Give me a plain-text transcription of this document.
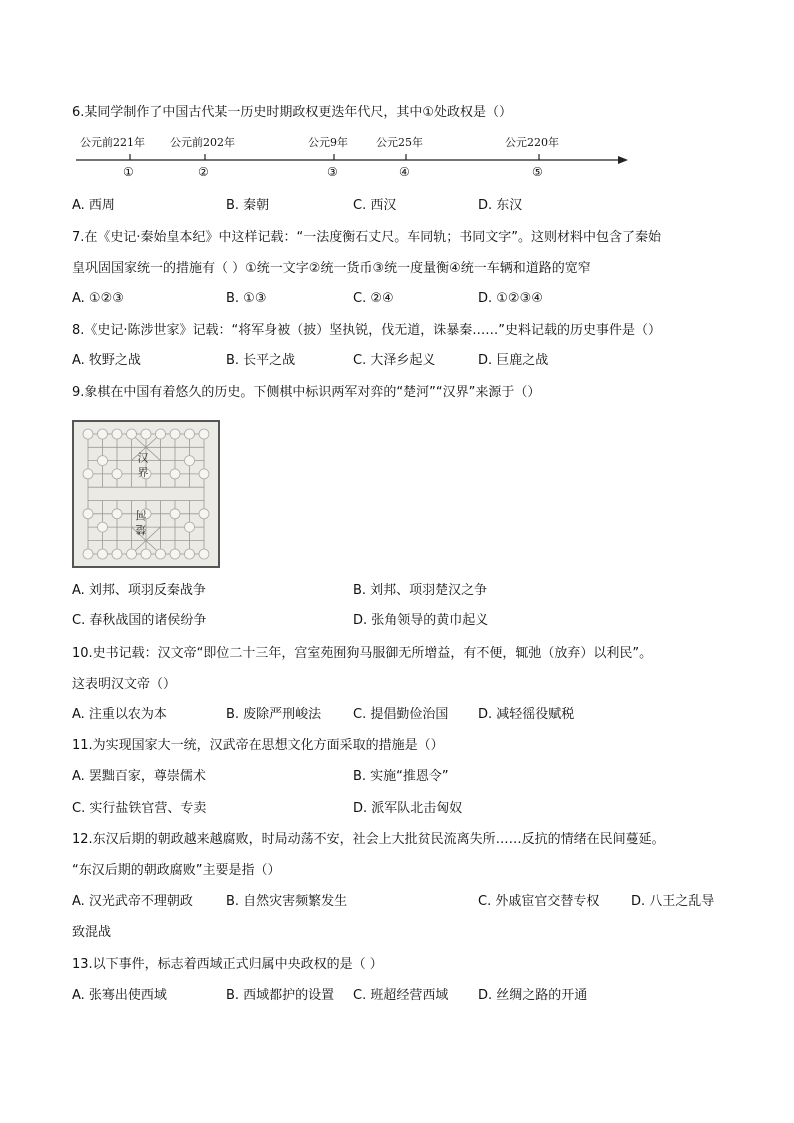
6.某同学制作了中国古代某一历史时期政权更迭年代尺，其中①处政权是（）
公元前221年 公元前202年	公元9年	公元25年	公元220年
①	②	③	④	⑤
A. 西周	B. 秦朝	C. 西汉	D. 东汉
7.在《史记·秦始皇本纪》中这样记载：“一法度衡石丈尺。车同轨；书同文字”。这则材料中包含了秦始
皇巩固国家统一的措施有（ ）①统一文字②统一货币③统一度量衡④统一车辆和道路的宽窄
A. ①②③	B. ①③	C. ②④	D. ①②③④
8.《史记·陈涉世家》记载：“将军身被（披）坚执锐，伐无道，诛暴秦……”史料记载的历史事件是（）
A. 牧野之战	B. 长平之战	C. 大泽乡起义	D. 巨鹿之战
9.象棋在中国有着悠久的历史。下侧棋中标识两军对弈的“楚河”“汉界”来源于（）
汉 界
楚 河
A. 刘邦、项羽反秦战争	B. 刘邦、项羽楚汉之争
C. 春秋战国的诸侯纷争	D. 张角领导的黄巾起义
10.史书记载：汉文帝“即位二十三年，宫室苑囿狗马服御无所增益，有不便，辄弛（放弃）以利民”。
这表明汉文帝（）
A. 注重以农为本	B. 废除严刑峻法 C. 提倡勤俭治国 D. 减轻徭役赋税
11.为实现国家大一统，汉武帝在思想文化方面采取的措施是（）
A. 罢黜百家，尊崇儒术	B. 实施“推恩令”
C. 实行盐铁官营、专卖	D. 派军队北击匈奴
12.东汉后期的朝政越来越腐败，时局动荡不安，社会上大批贫民流离失所……反抗的情绪在民间蔓延。
“东汉后期的朝政腐败”主要是指（）
A. 汉光武帝不理朝政	B. 自然灾害频繁发生	C. 外戚宦官交替专权 D. 八王之乱导
致混战
13.以下事件，标志着西域正式归属中央政权的是（ ）
A. 张骞出使西域	B. 西域都护的设置 C. 班超经营西域 D. 丝绸之路的开通
